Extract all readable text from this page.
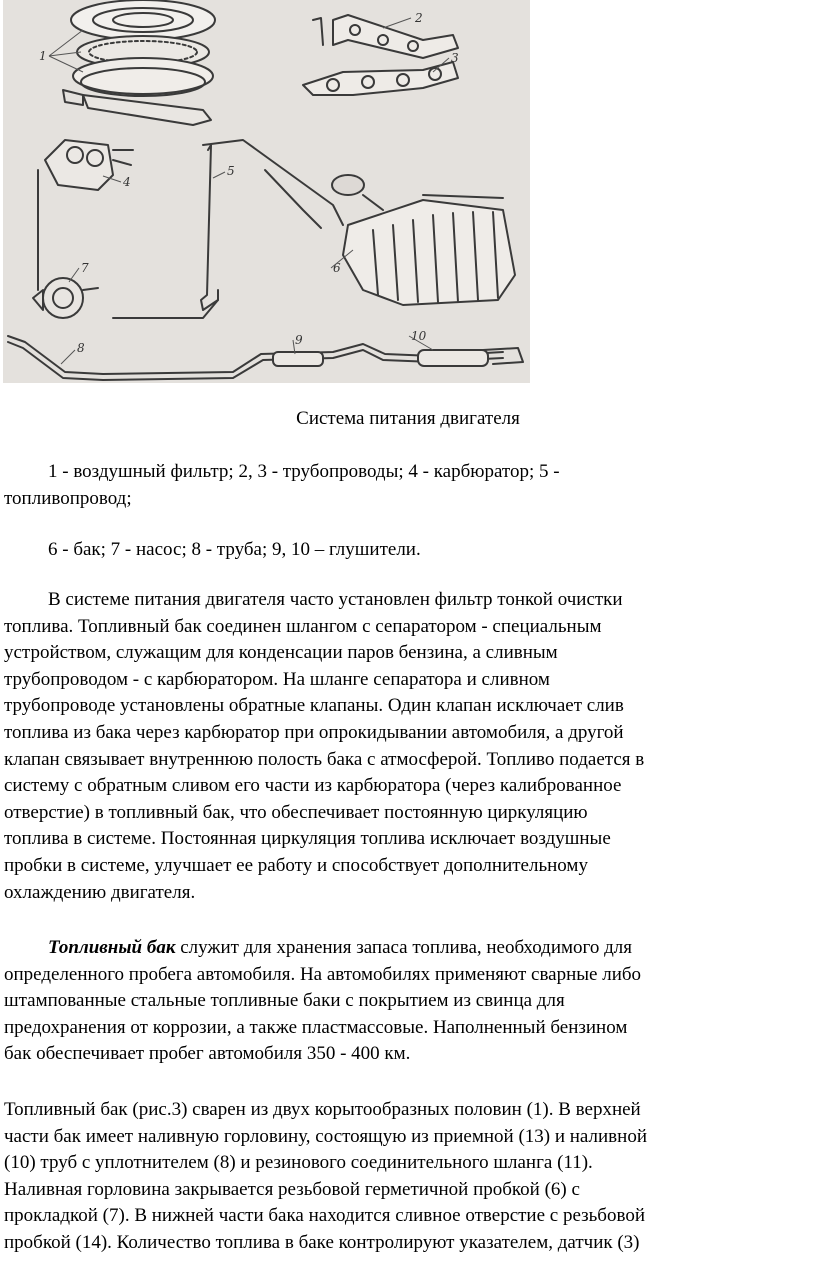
1
2
3
4
5
6
7
8
9	10
Система питания двигателя
1 - воздушный фильтр; 2, 3 - трубопроводы; 4 - карбюратор; 5 -
топливопровод;
6 - бак; 7 - насос; 8 - труба; 9, 10 – глушители.
В системе питания двигателя часто установлен фильтр тонкой очистки
топлива. Топливный бак соединен шлангом с сепаратором - специальным
устройством, служащим для конденсации паров бензина, а сливным
трубопроводом - с карбюратором. На шланге сепаратора и сливном
трубопроводе установлены обратные клапаны. Один клапан исключает слив
топлива из бака через карбюратор при опрокидывании автомобиля, а другой
клапан связывает внутреннюю полость бака с атмосферой. Топливо подается в
систему с обратным сливом его части из карбюратора (через калиброванное
отверстие) в топливный бак, что обеспечивает постоянную циркуляцию
топлива в системе. Постоянная циркуляция топлива исключает воздушные
пробки в системе, улучшает ее работу и способствует дополнительному
охлаждению двигателя.
Топливный бак служит для хранения запаса топлива, необходимого для
определенного пробега автомобиля. На автомобилях применяют сварные либо
штампованные стальные топливные баки с покрытием из свинца для
предохранения от коррозии, а также пластмассовые. Наполненный бензином
бак обеспечивает пробег автомобиля 350 - 400 км.
Топливный бак (рис.3) сварен из двух корытообразных половин (1). В верхней
части бак имеет наливную горловину, состоящую из приемной (13) и наливной
(10) труб с уплотнителем (8) и резинового соединительного шланга (11).
Наливная горловина закрывается резьбовой герметичной пробкой (6) с
прокладкой (7). В нижней части бака находится сливное отверстие с резьбовой
пробкой (14). Количество топлива в баке контролируют указателем, датчик (3)
